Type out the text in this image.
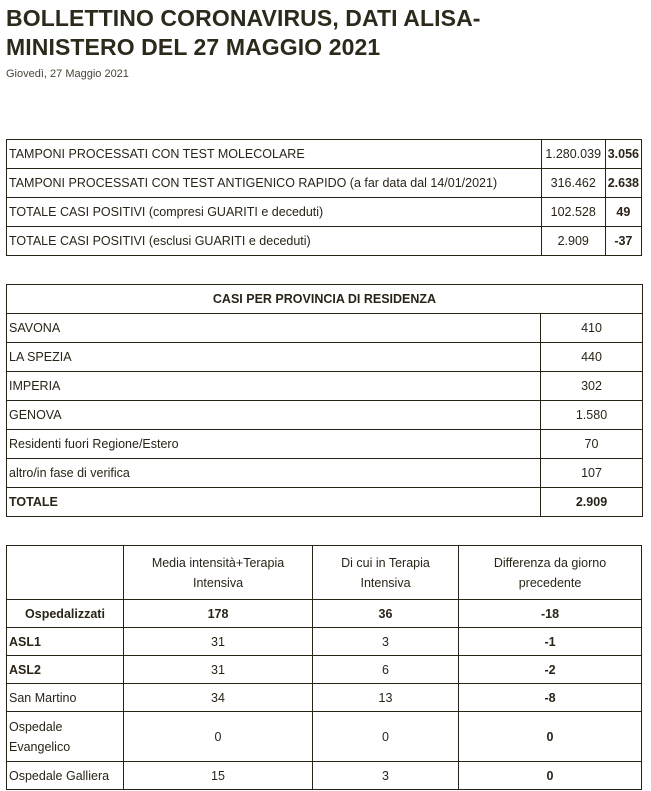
BOLLETTINO CORONAVIRUS, DATI ALISA-MINISTERO DEL 27 MAGGIO 2021
Giovedì, 27 Maggio 2021
TAMPONI PROCESSATI CON TEST MOLECOLARE	1.280.039	3.056
TAMPONI PROCESSATI CON TEST ANTIGENICO RAPIDO (a far data dal 14/01/2021)	316.462	2.638
TOTALE CASI POSITIVI (compresi GUARITI e deceduti)	102.528	49
TOTALE CASI POSITIVI (esclusi GUARITI e deceduti)	2.909	-37
CASI PER PROVINCIA DI RESIDENZA	
SAVONA	410
LA SPEZIA	440
IMPERIA	302
GENOVA	1.580
Residenti fuori Regione/Estero	70
altro/in fase di verifica	107
TOTALE	2.909
	Media intensità+Terapia Intensiva	Di cui in Terapia Intensiva	Differenza da giorno precedente
Ospedalizzati	178	36	-18
ASL1	31	3	-1
ASL2	31	6	-2
San Martino	34	13	-8
Ospedale Evangelico	0	0	0
Ospedale Galliera	15	3	0
